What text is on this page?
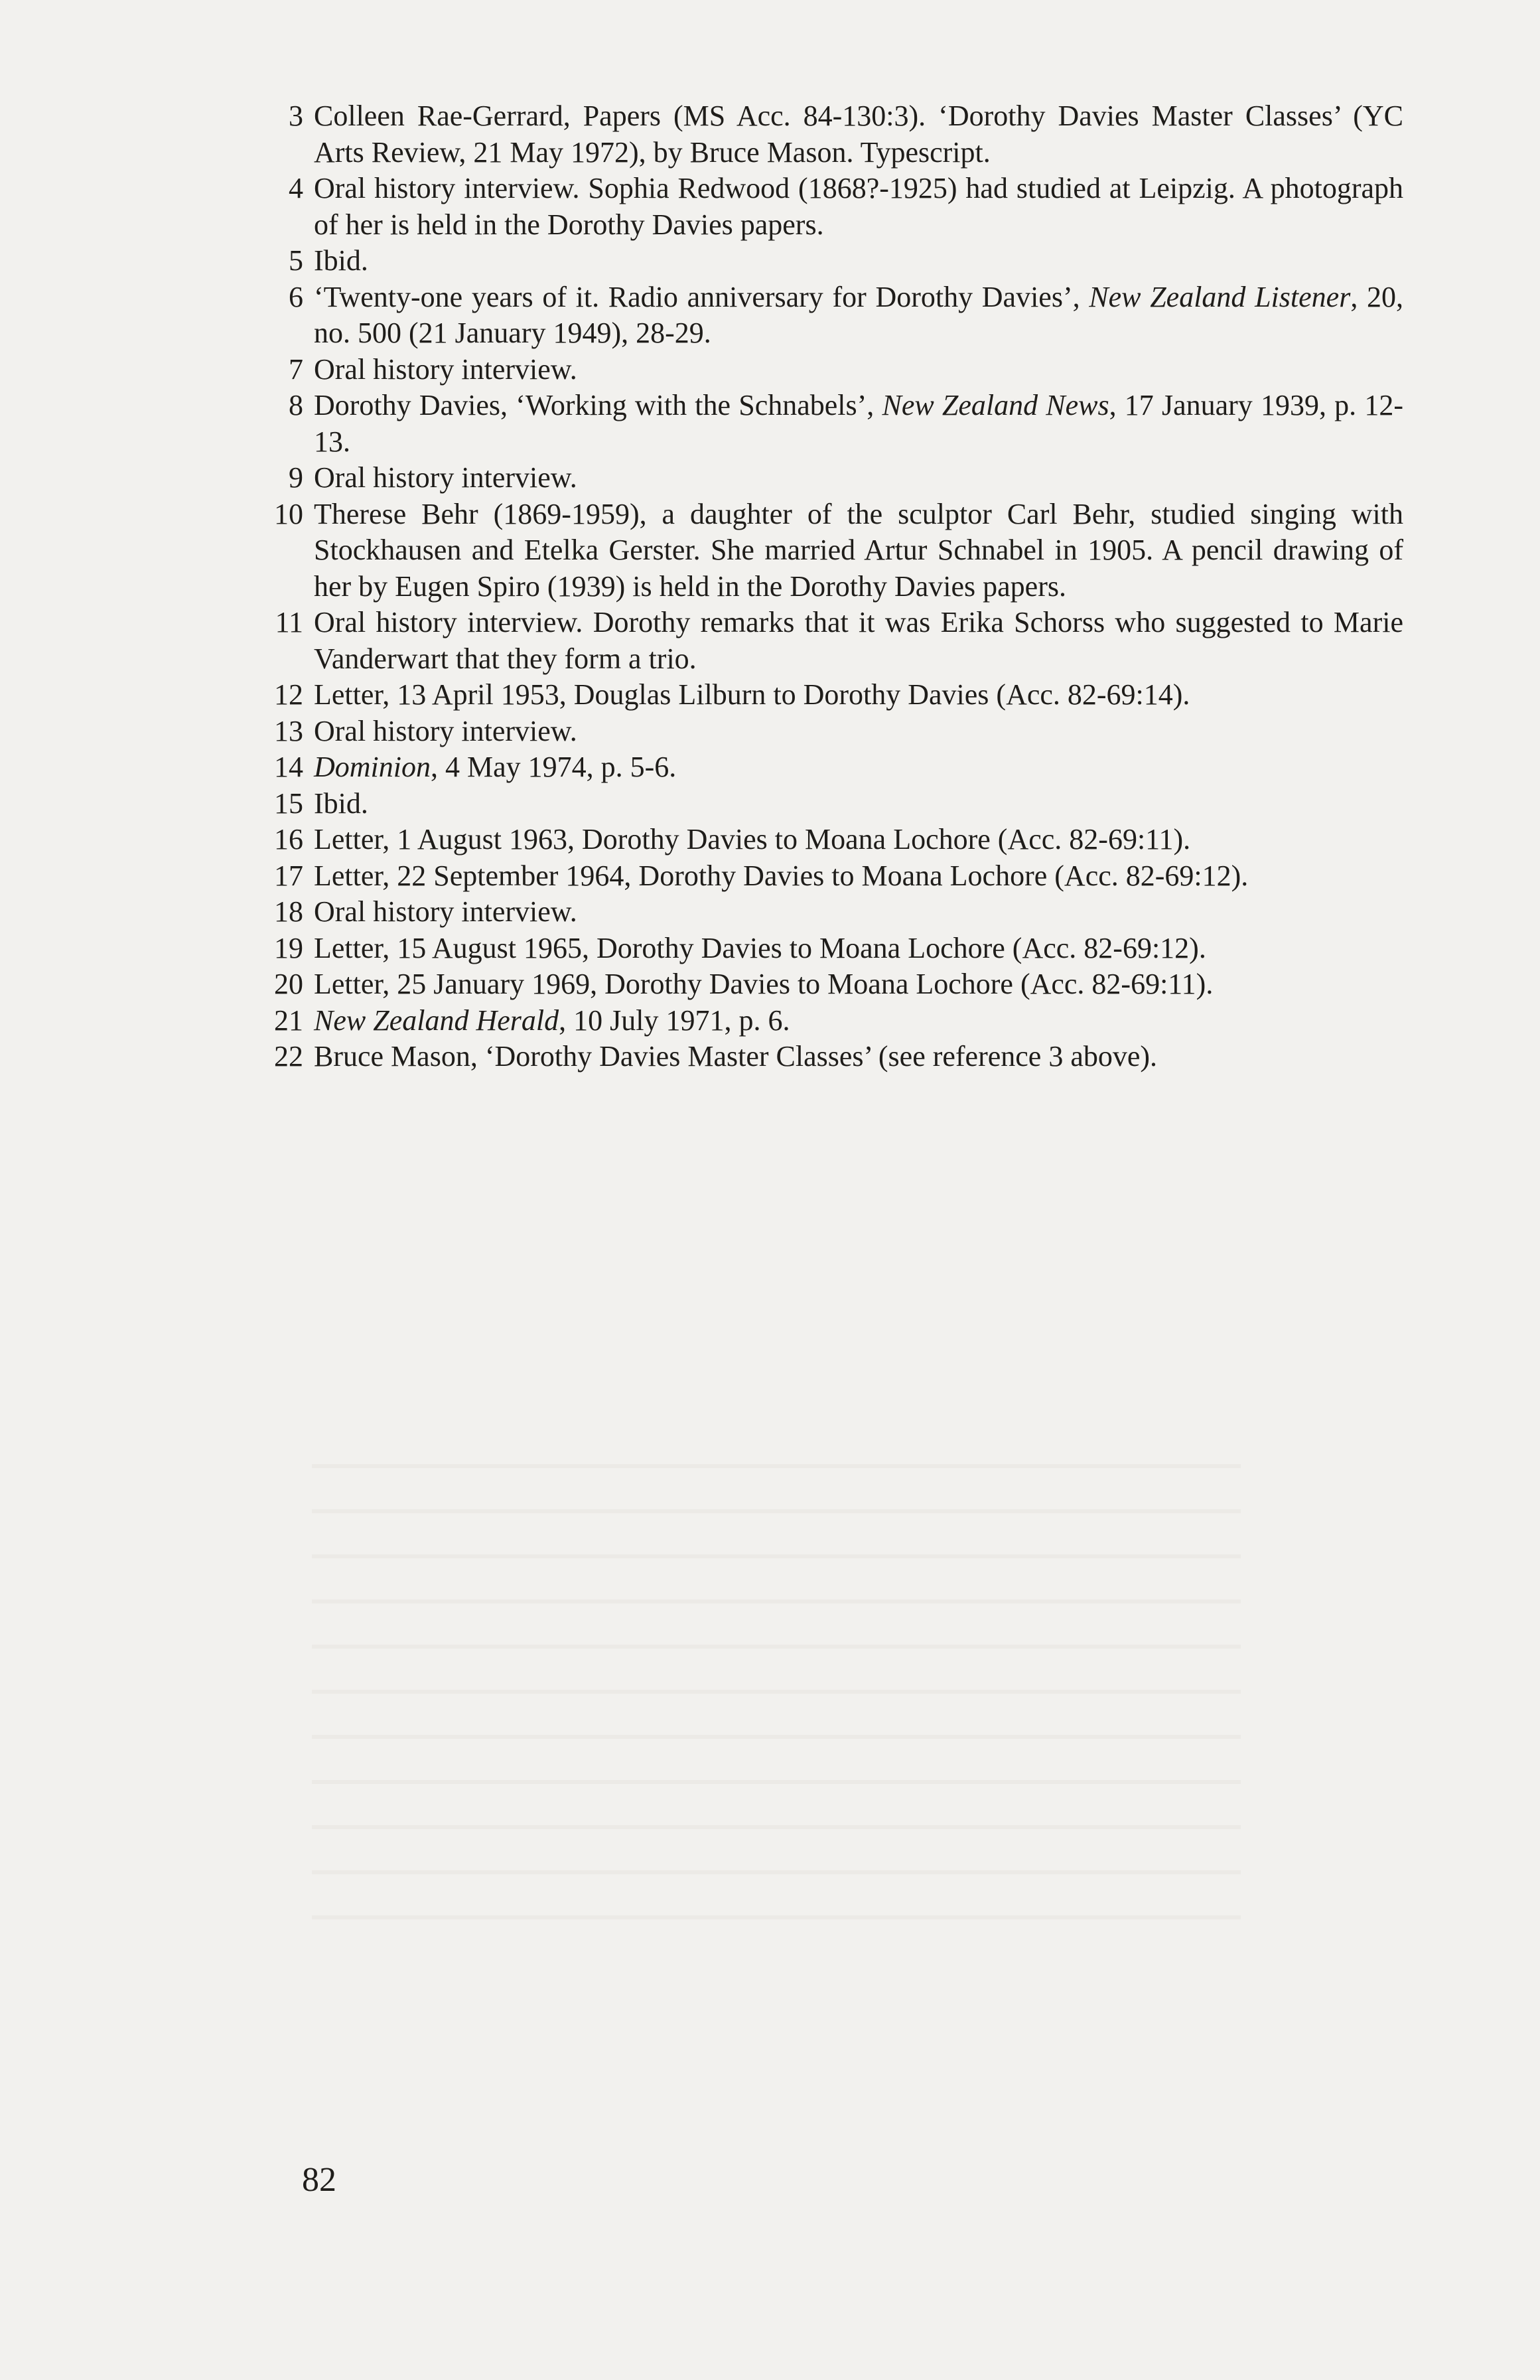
3 Colleen Rae-Gerrard, Papers (MS Acc. 84-130:3). ‘Dorothy Davies Master Classes’ (YC Arts Review, 21 May 1972), by Bruce Mason. Typescript.
4 Oral history interview. Sophia Redwood (1868?-1925) had studied at Leipzig. A photograph of her is held in the Dorothy Davies papers.
5 Ibid.
6 ‘Twenty-one years of it. Radio anniversary for Dorothy Davies’, New Zealand Listener, 20, no. 500 (21 January 1949), 28-29.
7 Oral history interview.
8 Dorothy Davies, ‘Working with the Schnabels’, New Zealand News, 17 January 1939, p. 12-13.
9 Oral history interview.
10 Therese Behr (1869-1959), a daughter of the sculptor Carl Behr, studied singing with Stockhausen and Etelka Gerster. She married Artur Schnabel in 1905. A pencil drawing of her by Eugen Spiro (1939) is held in the Dorothy Davies papers.
11 Oral history interview. Dorothy remarks that it was Erika Schorss who suggested to Marie Vanderwart that they form a trio.
12 Letter, 13 April 1953, Douglas Lilburn to Dorothy Davies (Acc. 82-69:14).
13 Oral history interview.
14 Dominion, 4 May 1974, p. 5-6.
15 Ibid.
16 Letter, 1 August 1963, Dorothy Davies to Moana Lochore (Acc. 82-69:11).
17 Letter, 22 September 1964, Dorothy Davies to Moana Lochore (Acc. 82-69:12).
18 Oral history interview.
19 Letter, 15 August 1965, Dorothy Davies to Moana Lochore (Acc. 82-69:12).
20 Letter, 25 January 1969, Dorothy Davies to Moana Lochore (Acc. 82-69:11).
21 New Zealand Herald, 10 July 1971, p. 6.
22 Bruce Mason, ‘Dorothy Davies Master Classes’ (see reference 3 above).
82
